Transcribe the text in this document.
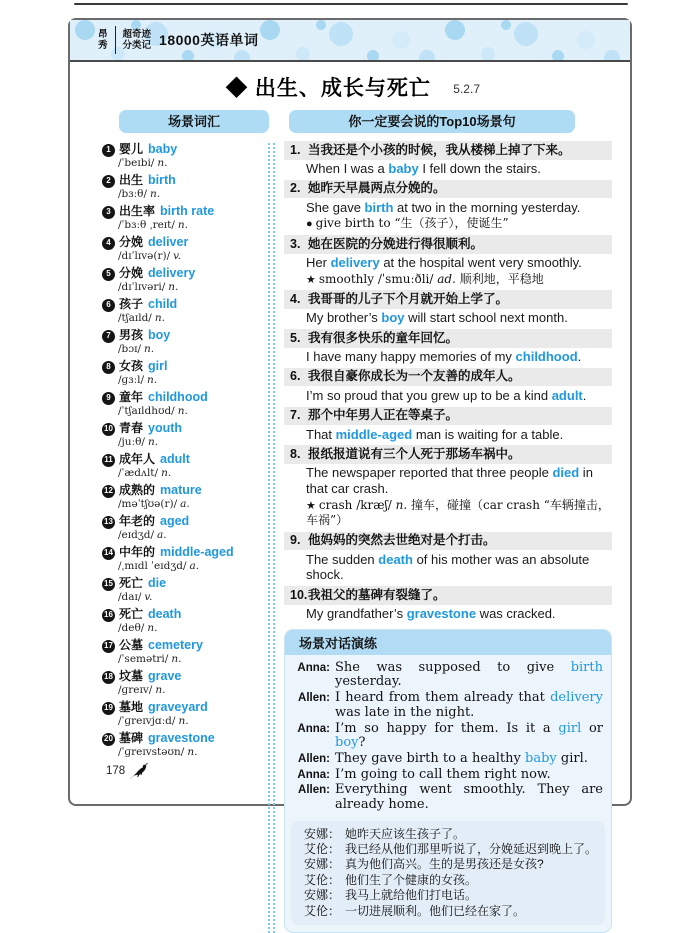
昂
秀
超奇迹
分类记 18000英语单词
◆ 出生、成长与死亡 5.2.7
场景词汇	你一定要会说的Top10场景句
1 婴儿 baby
/ˈbeɪbi/ n.
2 出生 birth
/bɜːθ/ n.
3 出生率 birth rate
/ˈbɜːθ ˌreɪt/ n.
4 分娩 deliver
/dɪˈlɪvə(r)/ v.
5 分娩 delivery
/dɪˈlɪvəri/ n.
6 孩子 child
/tʃaɪld/ n.
7 男孩 boy
/bɔɪ/ n.
8 女孩 girl
/ɡɜːl/ n.
9 童年 childhood
/ˈtʃaɪldhʊd/ n.
10 青春 youth
/juːθ/ n.
11 成年人 adult
/ˈædʌlt/ n.
12 成熟的 mature
/məˈtʃʊə(r)/ a.
13 年老的 aged
/eɪdʒd/ a.
14 中年的 middle-aged
/ˌmɪdl ˈeɪdʒd/ a.
15 死亡 die
/daɪ/ v.
16 死亡 death
/deθ/ n.
17 公墓 cemetery
/ˈsemətri/ n.
18 坟墓 grave
/ɡreɪv/ n.
19 墓地 graveyard
/ˈɡreɪvjɑːd/ n.
20 墓碑 gravestone
/ˈɡreɪvstəʊn/ n.
1. 当我还是个小孩的时候，我从楼梯上掉了下来。
When I was a baby I fell down the stairs.
2. 她昨天早晨两点分娩的。
She gave birth at two in the morning yesterday.
● give birth to “生（孩子），使诞生”
3. 她在医院的分娩进行得很顺利。
Her delivery at the hospital went very smoothly.
★ smoothly /ˈsmuːðli/ ad. 顺利地，平稳地
4. 我哥哥的儿子下个月就开始上学了。
My brother’s boy will start school next month.
5. 我有很多快乐的童年回忆。
I have many happy memories of my childhood.
6. 我很自豪你成长为一个友善的成年人。
I’m so proud that you grew up to be a kind adult.
7. 那个中年男人正在等桌子。
That middle-aged man is waiting for a table.
8. 报纸报道说有三个人死于那场车祸中。
The newspaper reported that three people died in that car crash.
★ crash /kræʃ/ n. 撞车，碰撞（car crash “车辆撞击，车祸”）
9. 他妈妈的突然去世绝对是个打击。
The sudden death of his mother was an absolute shock.
10. 我祖父的墓碑有裂缝了。
My grandfather’s gravestone was cracked.
场景对话演练
Anna: She was supposed to give birth yesterday.
Allen: I heard from them already that delivery was late in the night.
Anna: I’m so happy for them. Is it a girl or boy?
Allen: They gave birth to a healthy baby girl.
Anna: I’m going to call them right now.
Allen: Everything went smoothly. They are already home.
安娜： 她昨天应该生孩子了。
艾伦： 我已经从他们那里听说了，分娩延迟到晚上了。
安娜： 真为他们高兴。生的是男孩还是女孩?
艾伦： 他们生了个健康的女孩。
安娜： 我马上就给他们打电话。
艾伦： 一切进展顺利。他们已经在家了。
178
